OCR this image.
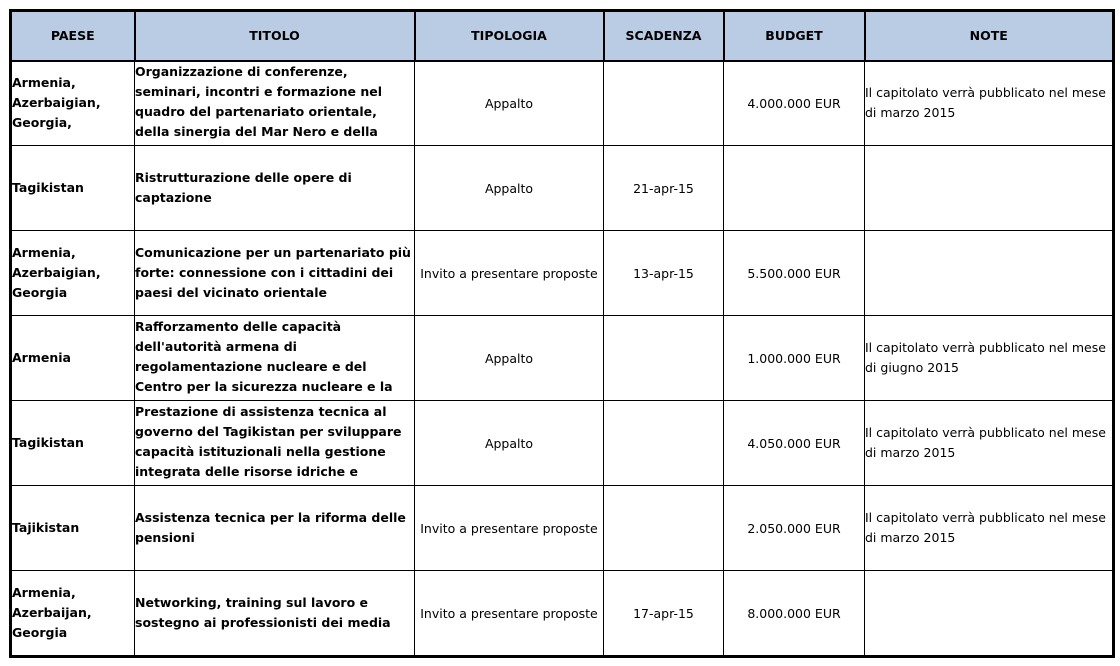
PAESE	TITOLO	TIPOLOGIA	SCADENZA	BUDGET	NOTE

Armenia, Azerbaigian, Georgia,	Organizzazione di conferenze, seminari, incontri e formazione nel quadro del partenariato orientale, della sinergia del Mar Nero e della	Appalto		4.000.000 EUR	Il capitolato verrà pubblicato nel mese di marzo 2015

Tagikistan	Ristrutturazione delle opere di captazione	Appalto	21-apr-15		

Armenia, Azerbaigian, Georgia	Comunicazione per un partenariato più forte: connessione con i cittadini dei paesi del vicinato orientale	Invito a presentare proposte	13-apr-15	5.500.000 EUR	

Armenia	Rafforzamento delle capacità dell'autorità armena di regolamentazione nucleare e del Centro per la sicurezza nucleare e la	Appalto		1.000.000 EUR	Il capitolato verrà pubblicato nel mese di giugno 2015

Tagikistan	Prestazione di assistenza tecnica al governo del Tagikistan per sviluppare capacità istituzionali nella gestione integrata delle risorse idriche e	Appalto		4.050.000 EUR	Il capitolato verrà pubblicato nel mese di marzo 2015

Tajikistan	Assistenza tecnica per la riforma delle pensioni	Invito a presentare proposte		2.050.000 EUR	Il capitolato verrà pubblicato nel mese di marzo 2015

Armenia, Azerbaijan, Georgia	Networking, training sul lavoro e sostegno ai professionisti dei media	Invito a presentare proposte	17-apr-15	8.000.000 EUR	
